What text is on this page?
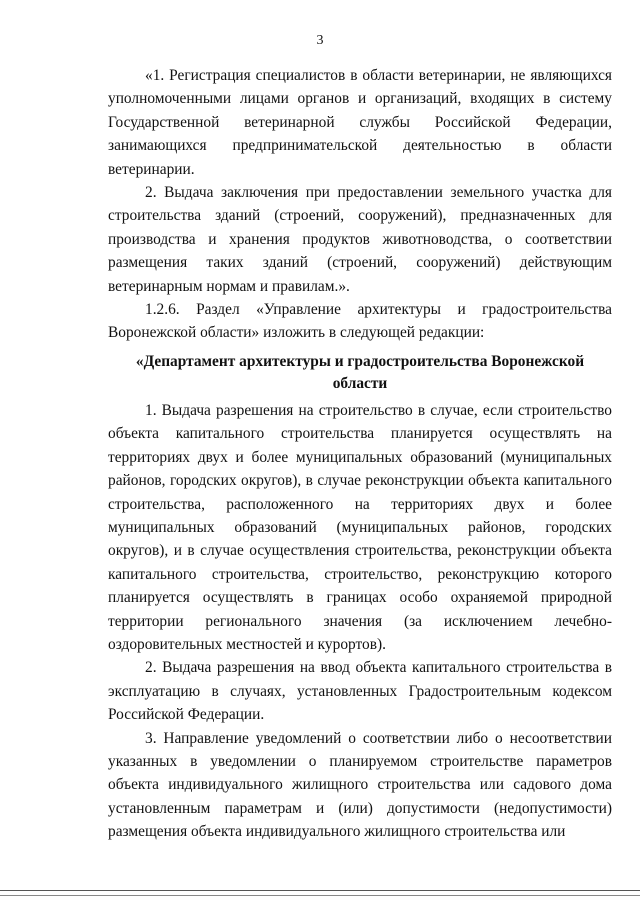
3

«1. Регистрация специалистов в области ветеринарии, не являющихся уполномоченными лицами органов и организаций, входящих в систему Государственной ветеринарной службы Российской Федерации, занимающихся предпринимательской деятельностью в области ветеринарии.

2. Выдача заключения при предоставлении земельного участка для строительства зданий (строений, сооружений), предназначенных для производства и хранения продуктов животноводства, о соответствии размещения таких зданий (строений, сооружений) действующим ветеринарным нормам и правилам.».

1.2.6. Раздел «Управление архитектуры и градостроительства Воронежской области» изложить в следующей редакции:

«Департамент архитектуры и градостроительства Воронежской области

1. Выдача разрешения на строительство в случае, если строительство объекта капитального строительства планируется осуществлять на территориях двух и более муниципальных образований (муниципальных районов, городских округов), в случае реконструкции объекта капитального строительства, расположенного на территориях двух и более муниципальных образований (муниципальных районов, городских округов), и в случае осуществления строительства, реконструкции объекта капитального строительства, строительство, реконструкцию которого планируется осуществлять в границах особо охраняемой природной территории регионального значения (за исключением лечебно-оздоровительных местностей и курортов).

2. Выдача разрешения на ввод объекта капитального строительства в эксплуатацию в случаях, установленных Градостроительным кодексом Российской Федерации.

3. Направление уведомлений о соответствии либо о несоответствии указанных в уведомлении о планируемом строительстве параметров объекта индивидуального жилищного строительства или садового дома установленным параметрам и (или) допустимости (недопустимости) размещения объекта индивидуального жилищного строительства или
